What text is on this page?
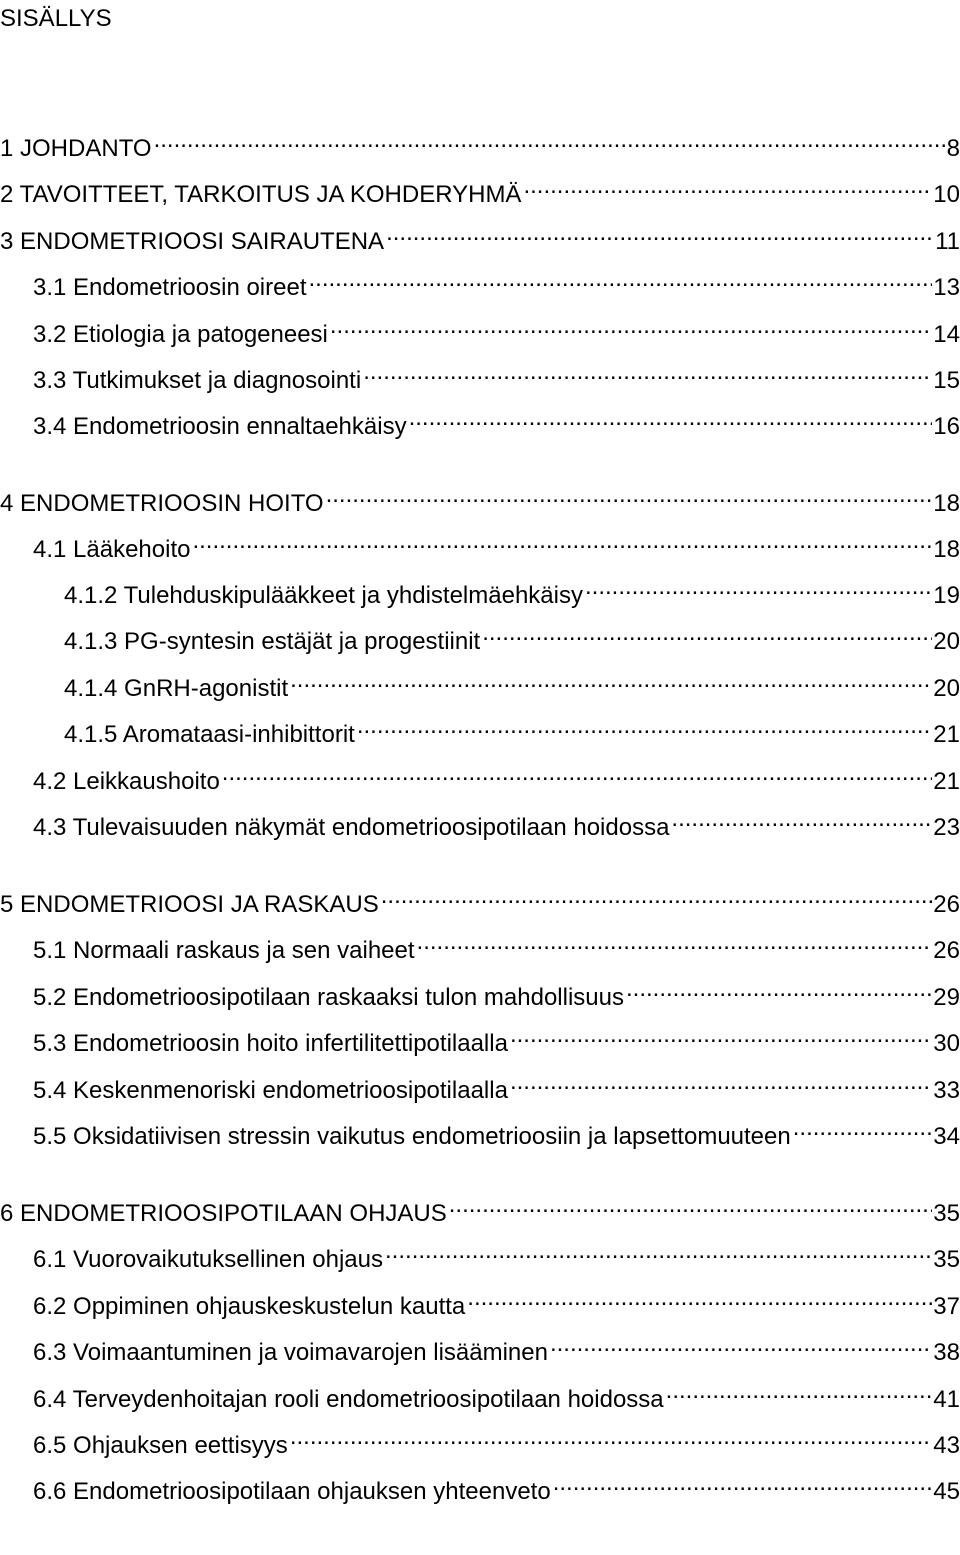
SISÄLLYS
1 JOHDANTO .....	8
2 TAVOITTEET, TARKOITUS JA KOHDERYHMÄ .....	10
3 ENDOMETRIOOSI SAIRAUTENA .....	11
3.1 Endometrioosin oireet .....	13
3.2 Etiologia ja patogeneesi .....	14
3.3 Tutkimukset ja diagnosointi .....	15
3.4 Endometrioosin ennaltaehkäisy .....	16
4 ENDOMETRIOOSIN HOITO .....	18
4.1 Lääkehoito .....	18
4.1.2 Tulehduskipulääkkeet ja yhdistelmäehkäisy .....	19
4.1.3 PG-syntesin estäjät ja progestiinit .....	20
4.1.4 GnRH-agonistit .....	20
4.1.5 Aromataasi-inhibittorit .....	21
4.2 Leikkaushoito .....	21
4.3 Tulevaisuuden näkymät endometrioosipotilaan hoidossa .....	23
5 ENDOMETRIOOSI JA RASKAUS .....	26
5.1 Normaali raskaus ja sen vaiheet .....	26
5.2 Endometrioosipotilaan raskaaksi tulon mahdollisuus .....	29
5.3 Endometrioosin hoito infertilitettipotilaalla .....	30
5.4 Keskenmenoriski endometrioosipotilaalla .....	33
5.5 Oksidatiivisen stressin vaikutus endometrioosiin ja lapsettomuuteen .....	34
6 ENDOMETRIOOSIPOTILAAN OHJAUS .....	35
6.1 Vuorovaikutuksellinen ohjaus .....	35
6.2 Oppiminen ohjauskeskustelun kautta .....	37
6.3 Voimaantuminen ja voimavarojen lisääminen .....	38
6.4 Terveydenhoitajan rooli endometrioosipotilaan hoidossa .....	41
6.5 Ohjauksen eettisyys .....	43
6.6 Endometrioosipotilaan ohjauksen yhteenveto .....	45
